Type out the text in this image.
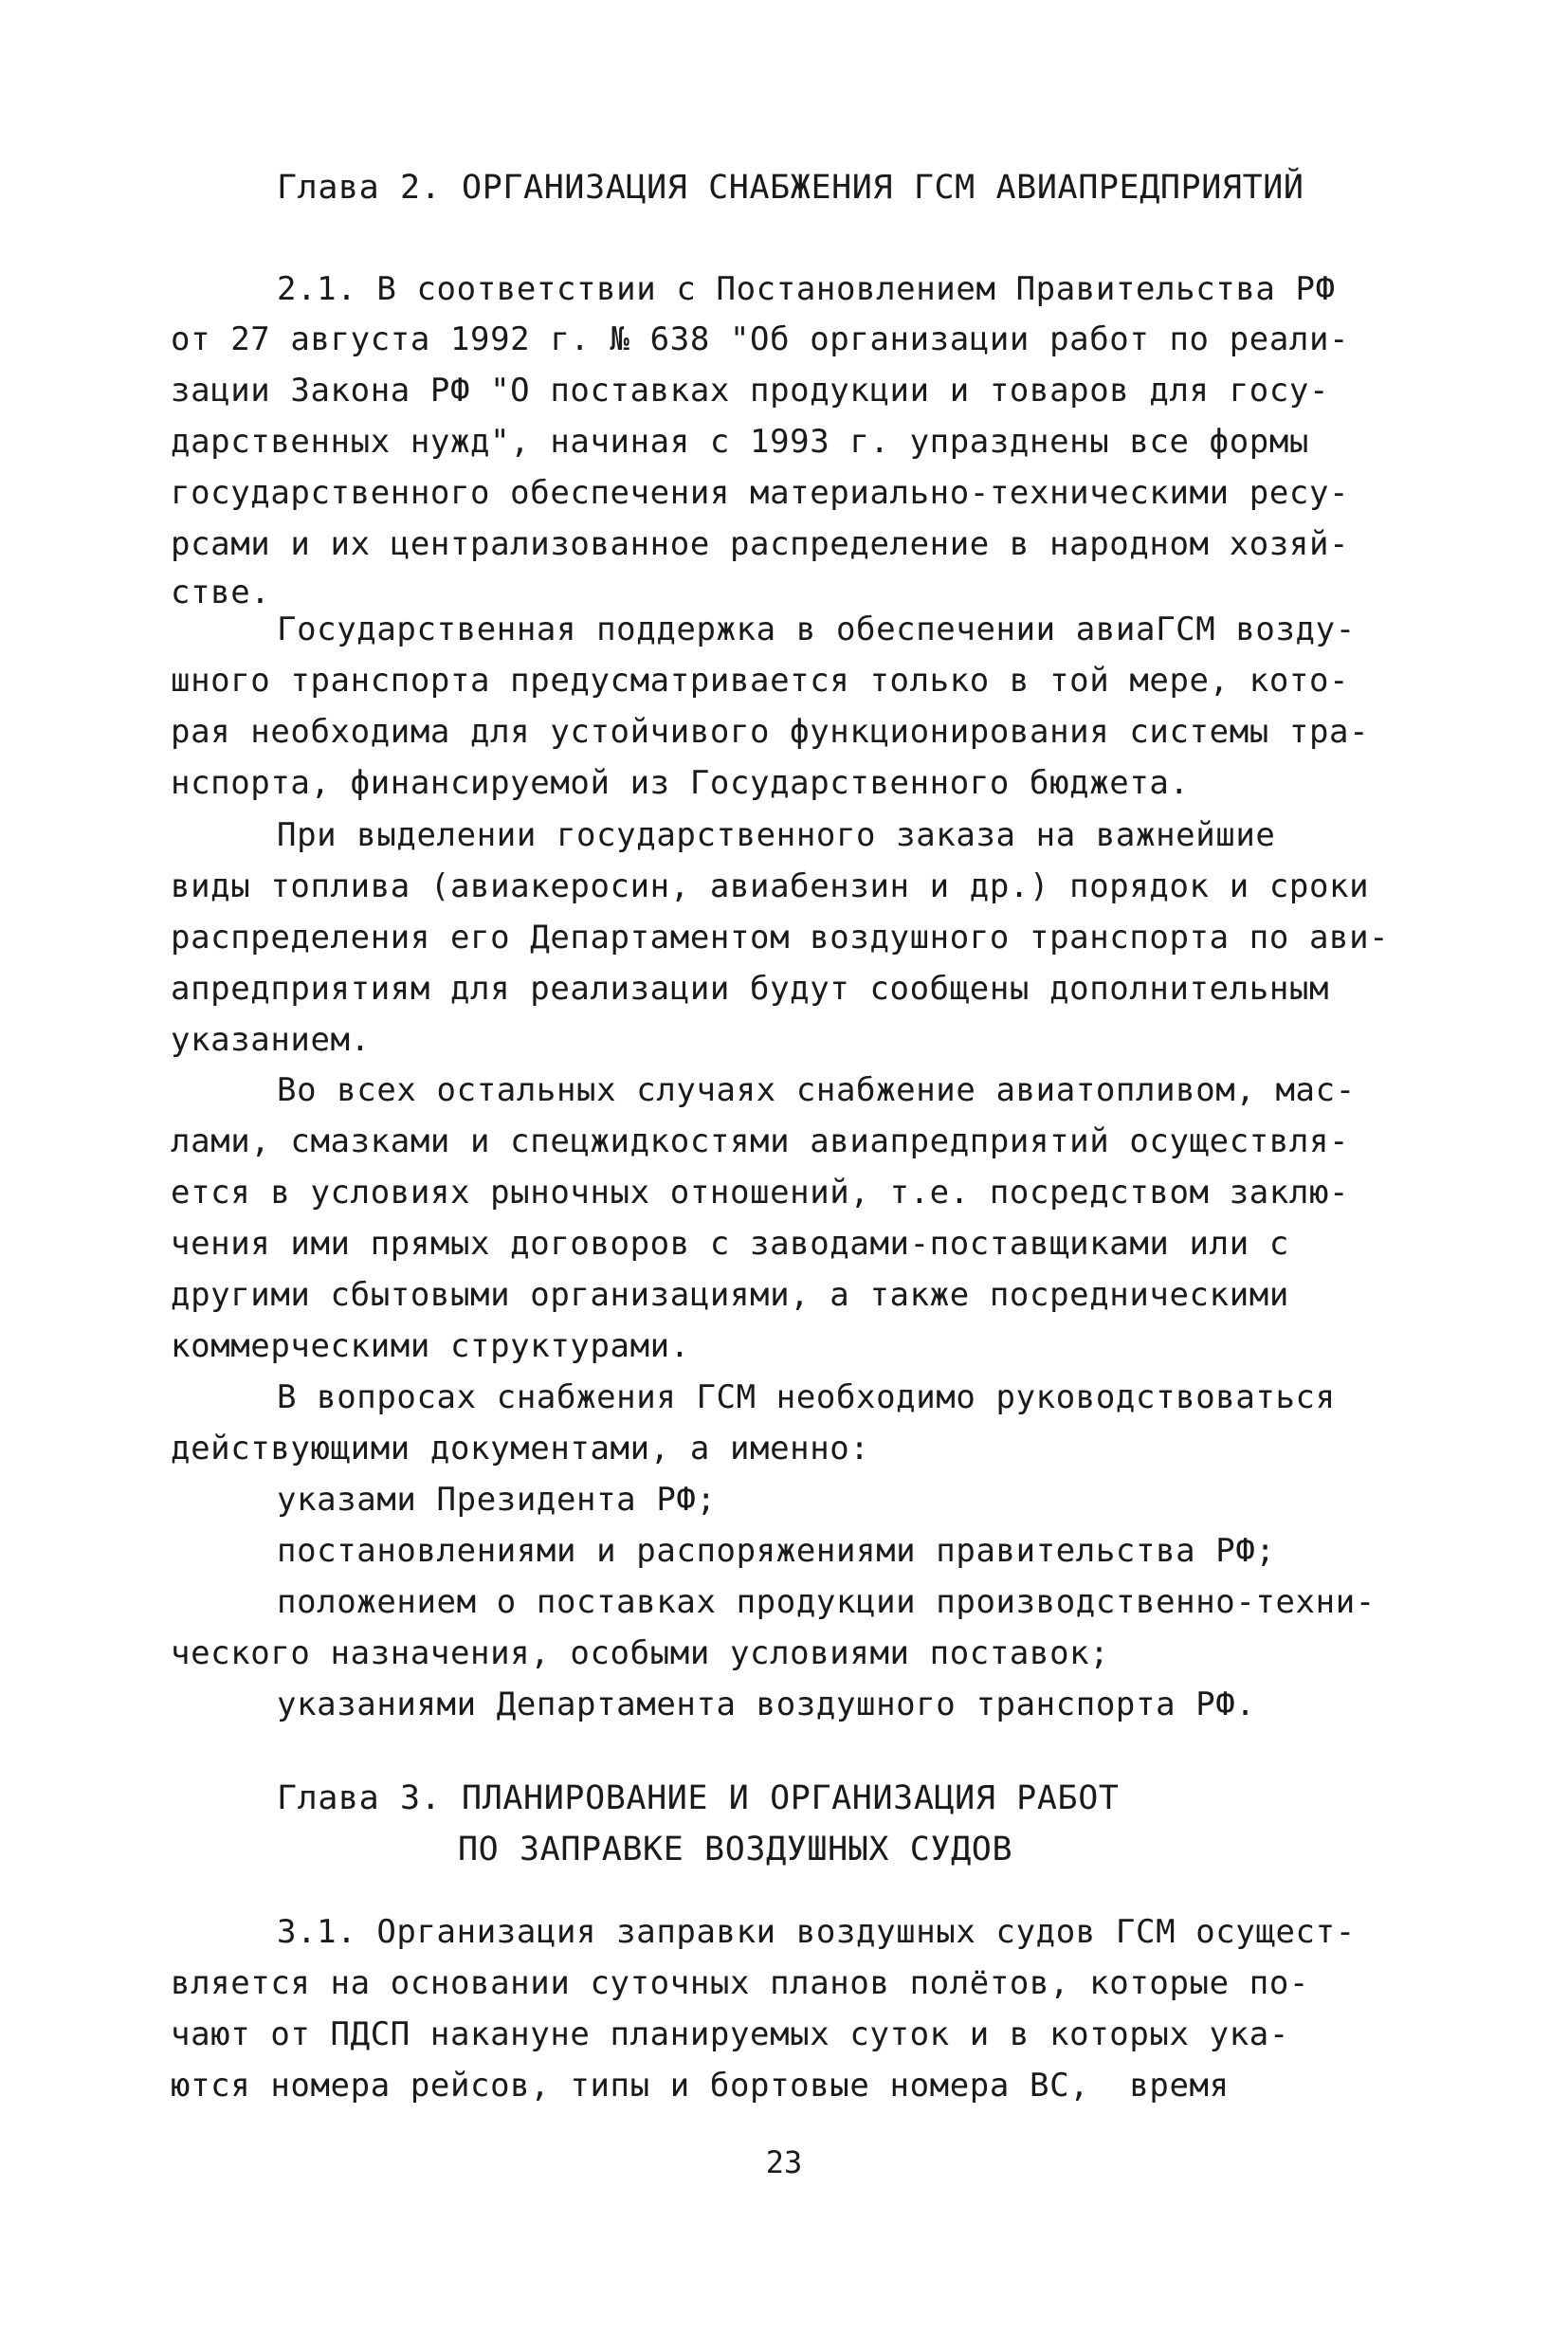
Глава 2. ОРГАНИЗАЦИЯ СНАБЖЕНИЯ ГСМ АВИАПРЕДПРИЯТИЙ
2.1. В соответствии с Постановлением Правительства РФ
от 27 августа 1992 г. № 638 "Об организации работ по реали-
зации Закона РФ "О поставках продукции и товаров для госу-
дарственных нужд", начиная с 1993 г. упразднены все формы
государственного обеспечения материально-техническими ресу-
рсами и их централизованное распределение в народном хозяй-
стве.
Государственная поддержка в обеспечении авиаГСМ возду-
шного транспорта предусматривается только в той мере, кото-
рая необходима для устойчивого функционирования системы тра-
нспорта, финансируемой из Государственного бюджета.
При выделении государственного заказа на важнейшие
виды топлива (авиакеросин, авиабензин и др.) порядок и сроки
распределения его Департаментом воздушного транспорта по ави-
апредприятиям для реализации будут сообщены дополнительным
указанием.
Во всех остальных случаях снабжение авиатопливом, мас-
лами, смазками и спецжидкостями авиапредприятий осуществля-
ется в условиях рыночных отношений, т.е. посредством заклю-
чения ими прямых договоров с заводами-поставщиками или с
другими сбытовыми организациями, а также посредническими
коммерческими структурами.
В вопросах снабжения ГСМ необходимо руководствоваться
действующими документами, а именно:
указами Президента РФ;
постановлениями и распоряжениями правительства РФ;
положением о поставках продукции производственно-техни-
ческого назначения, особыми условиями поставок;
указаниями Департамента воздушного транспорта РФ.
Глава 3. ПЛАНИРОВАНИЕ И ОРГАНИЗАЦИЯ РАБОТ
ПО ЗАПРАВКЕ ВОЗДУШНЫХ СУДОВ
3.1. Организация заправки воздушных судов ГСМ осущест-
вляется на основании суточных планов полётов, которые по-
чают от ПДСП накануне планируемых суток и в которых ука-
ются номера рейсов, типы и бортовые номера ВС,  время
23
